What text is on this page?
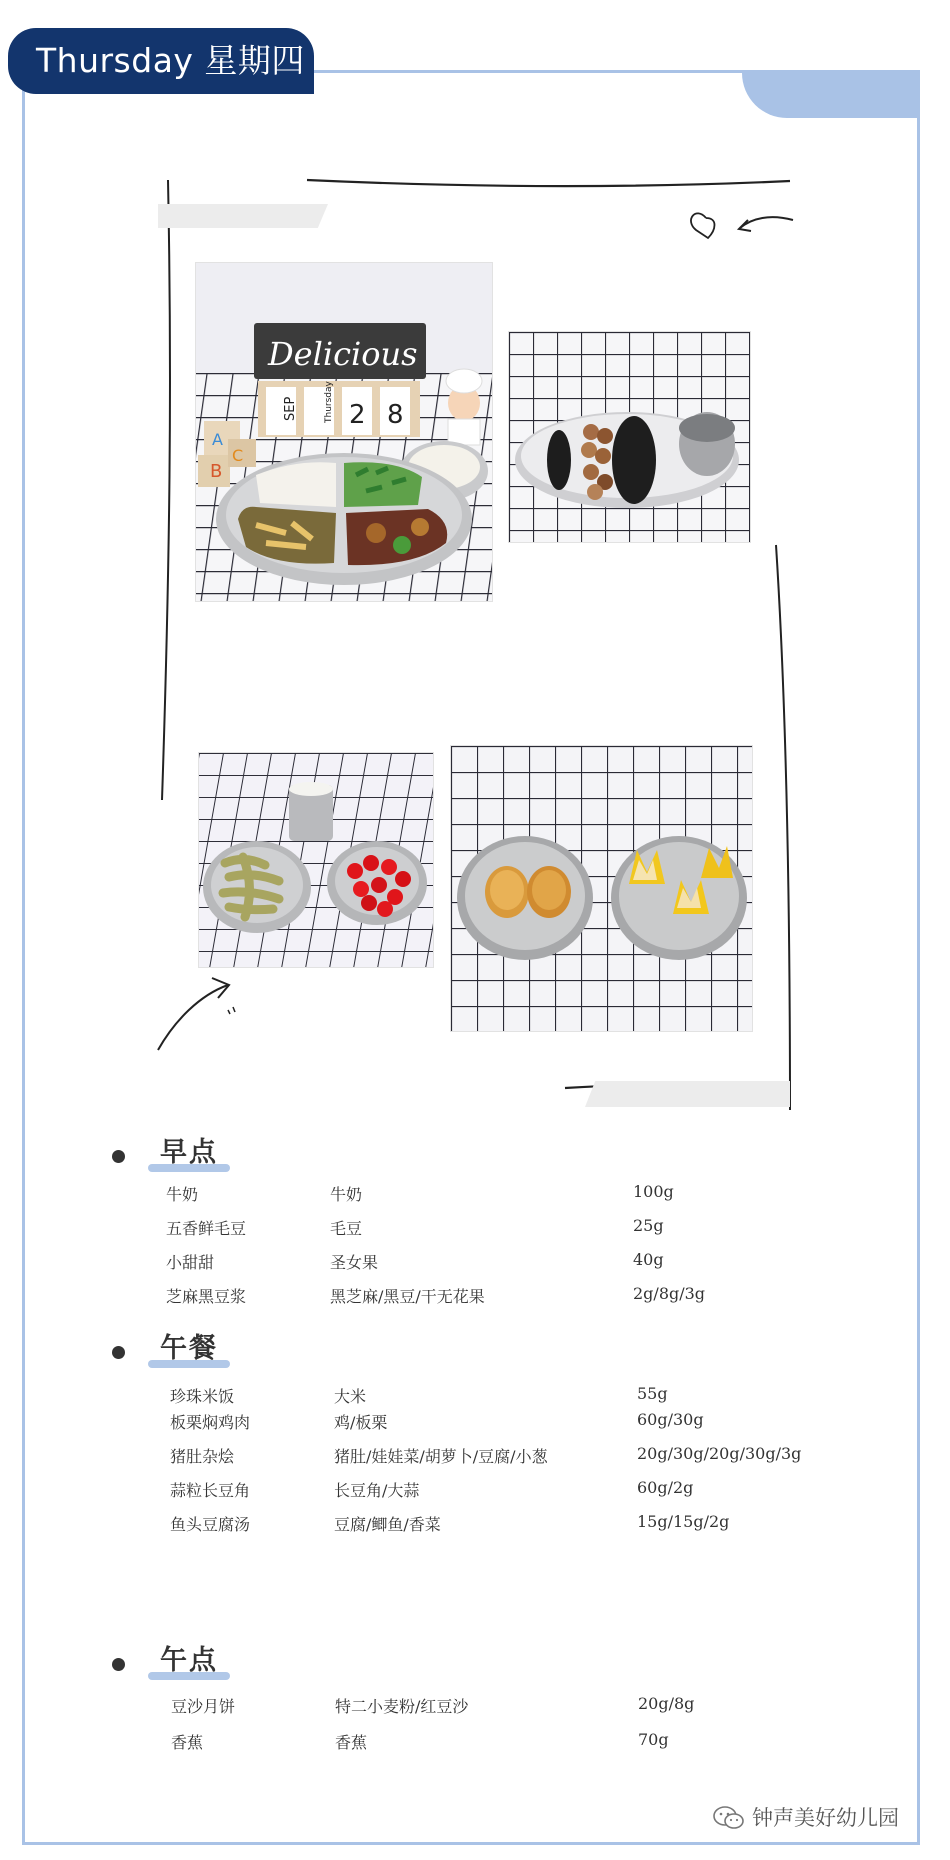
Thursday 星期四
Delicious
SEP	Thursday 2 8
B
C
A
早点
牛奶	牛奶	100g
五香鲜毛豆	毛豆	25g
小甜甜	圣女果	40g
芝麻黑豆浆	黑芝麻/黑豆/干无花果	2g/8g/3g
午餐
珍珠米饭	大米	55g
板栗焖鸡肉	鸡/板栗	60g/30g
猪肚杂烩	猪肚/娃娃菜/胡萝卜/豆腐/小葱	20g/30g/20g/30g/3g
蒜粒长豆角	长豆角/大蒜	60g/2g
鱼头豆腐汤	豆腐/鲫鱼/香菜	15g/15g/2g
午点
豆沙月饼	特二小麦粉/红豆沙	20g/8g
香蕉	香蕉	70g
钟声美好幼儿园
